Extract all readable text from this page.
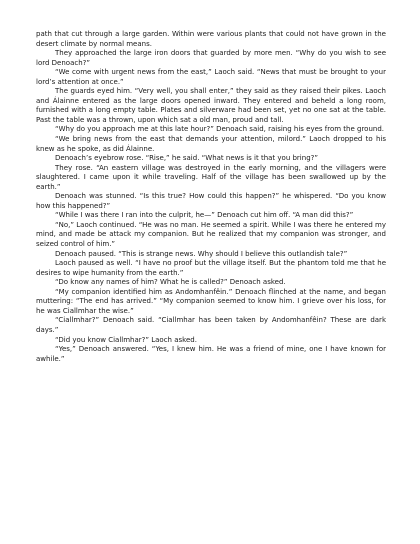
path that cut through a large garden. Within were various plants that could not have grown in the desert climate by normal means.

They approached the large iron doors that guarded by more men. “Why do you wish to see lord Denoach?”

“We come with urgent news from the east,” Laoch said. “News that must be brought to your lord’s attention at once.”

The guards eyed him. “Very well, you shall enter,” they said as they raised their pikes. Laoch and Álainne entered as the large doors opened inward. They entered and beheld a long room, furnished with a long empty table. Plates and silverware had been set, yet no one sat at the table. Past the table was a thrown, upon which sat a old man, proud and tall.

“Why do you approach me at this late hour?” Denoach said, raising his eyes from the ground.

“We bring news from the east that demands your attention, milord.” Laoch dropped to his knew as he spoke, as did Álainne.

Denoach’s eyebrow rose. “Rise,” he said. “What news is it that you bring?”

They rose. “An eastern village was destroyed in the early morning, and the villagers were slaughtered. I came upon it while traveling. Half of the village has been swallowed up by the earth.”

Denoach was stunned. “Is this true? How could this happen?” he whispered. “Do you know how this happened?”

“While I was there I ran into the culprit, he—” Denoach cut him off. “A man did this?”

“No,” Laoch continued. “He was no man. He seemed a spirit. While I was there he entered my mind, and made be attack my companion. But he realized that my companion was stronger, and seized control of him.”

Denoach paused. “This is strange news. Why should I believe this outlandish tale?”

Laoch paused as well. “I have no proof but the village itself. But the phantom told me that he desires to wipe humanity from the earth.”

“Do know any names of him? What he is called?” Denoach asked.

“My companion identified him as Andomhanfêin.” Denoach flinched at the name, and began muttering: “The end has arrived.” “My companion seemed to know him. I grieve over his loss, for he was Ciallmhar the wise.”

“Ciallmhar?” Denoach said. “Ciallmhar has been taken by Andomhanfêin? These are dark days.”

“Did you know Ciallmhar?” Laoch asked.

“Yes,” Denoach answered. “Yes, I knew him. He was a friend of mine, one I have known for awhile.”
